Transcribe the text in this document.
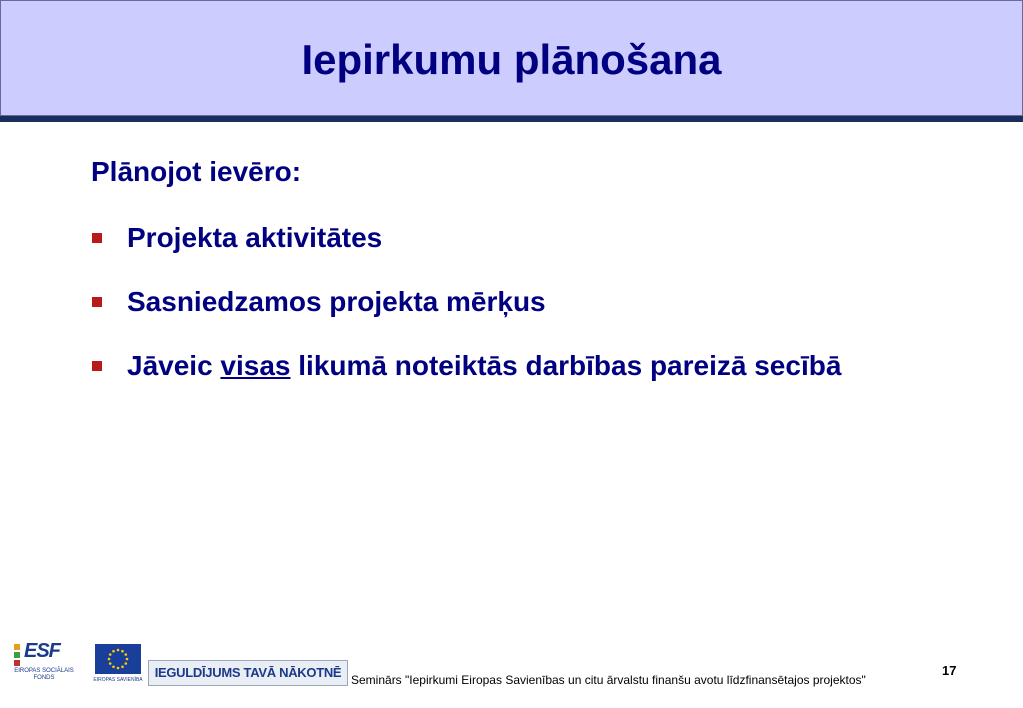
Iepirkumu plānošana
Plānojot ievēro:
Projekta aktivitātes
Sasniedzamos projekta mērķus
Jāveic visas likumā noteiktās darbības pareizā secībā
ESF
EIROPAS SOCIĀLAIS FONDS	EIROPAS SAVIENĪBA IEGULDĪJUMS TAVĀ NĀKOTNĒ Seminārs "Iepirkumi Eiropas Savienības un citu ārvalstu finanšu avotu līdzfinansētajos projektos"
17
